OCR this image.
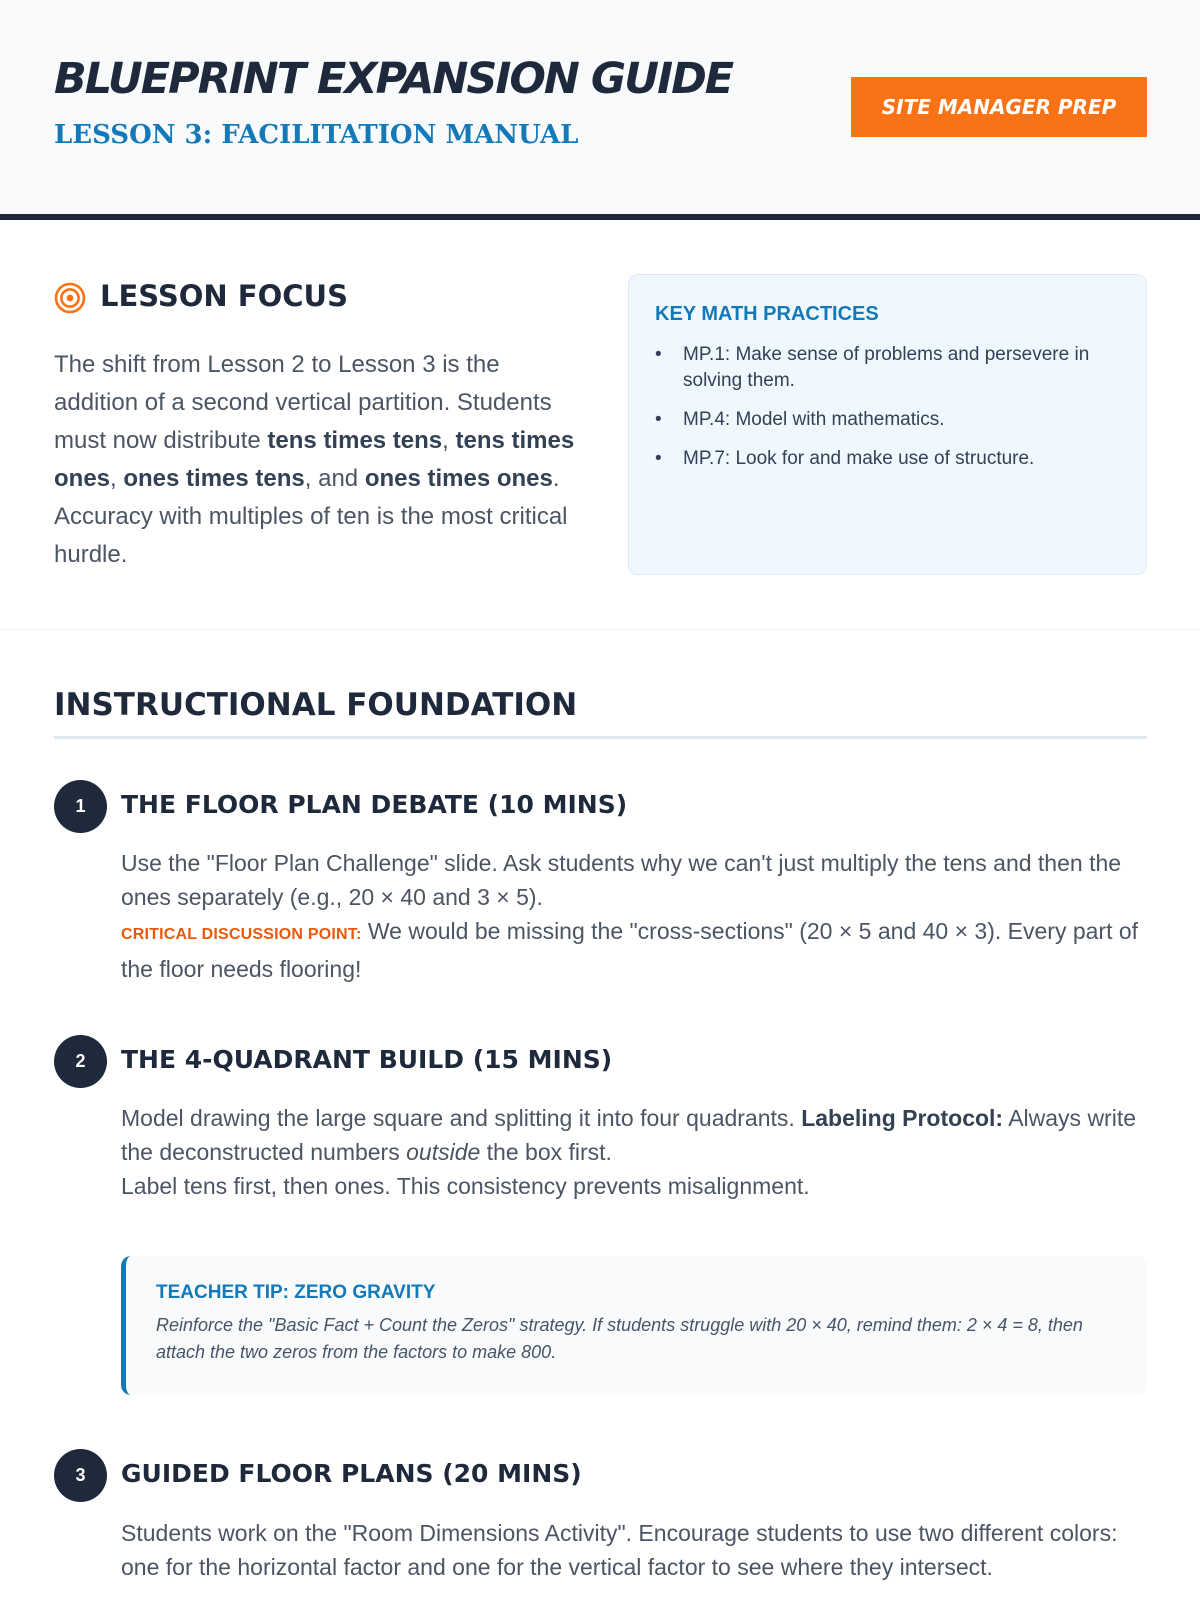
BLUEPRINT EXPANSION GUIDE
LESSON 3: FACILITATION MANUAL
SITE MANAGER PREP
LESSON FOCUS

The shift from Lesson 2 to Lesson 3 is the addition of a second vertical partition. Students must now distribute tens times tens, tens times ones, ones times tens, and ones times ones. Accuracy with multiples of ten is the most critical hurdle.

KEY MATH PRACTICES
• MP.1: Make sense of problems and persevere in solving them.
• MP.4: Model with mathematics.
• MP.7: Look for and make use of structure.
INSTRUCTIONAL FOUNDATION
1	THE FLOOR PLAN DEBATE (10 MINS)

Use the "Floor Plan Challenge" slide. Ask students why we can't just multiply the tens and then the ones separately (e.g., 20 × 40 and 3 × 5).
CRITICAL DISCUSSION POINT: We would be missing the "cross-sections" (20 × 5 and 40 × 3). Every part of the floor needs flooring!

2	THE 4-QUADRANT BUILD (15 MINS)

Model drawing the large square and splitting it into four quadrants. Labeling Protocol: Always write the deconstructed numbers outside the box first.
Label tens first, then ones. This consistency prevents misalignment.

TEACHER TIP: ZERO GRAVITY

Reinforce the "Basic Fact + Count the Zeros" strategy. If students struggle with 20 × 40, remind them: 2 × 4 = 8, then attach the two zeros from the factors to make 800.

3	GUIDED FLOOR PLANS (20 MINS)

Students work on the "Room Dimensions Activity". Encourage students to use two different colors: one for the horizontal factor and one for the vertical factor to see where they intersect.
